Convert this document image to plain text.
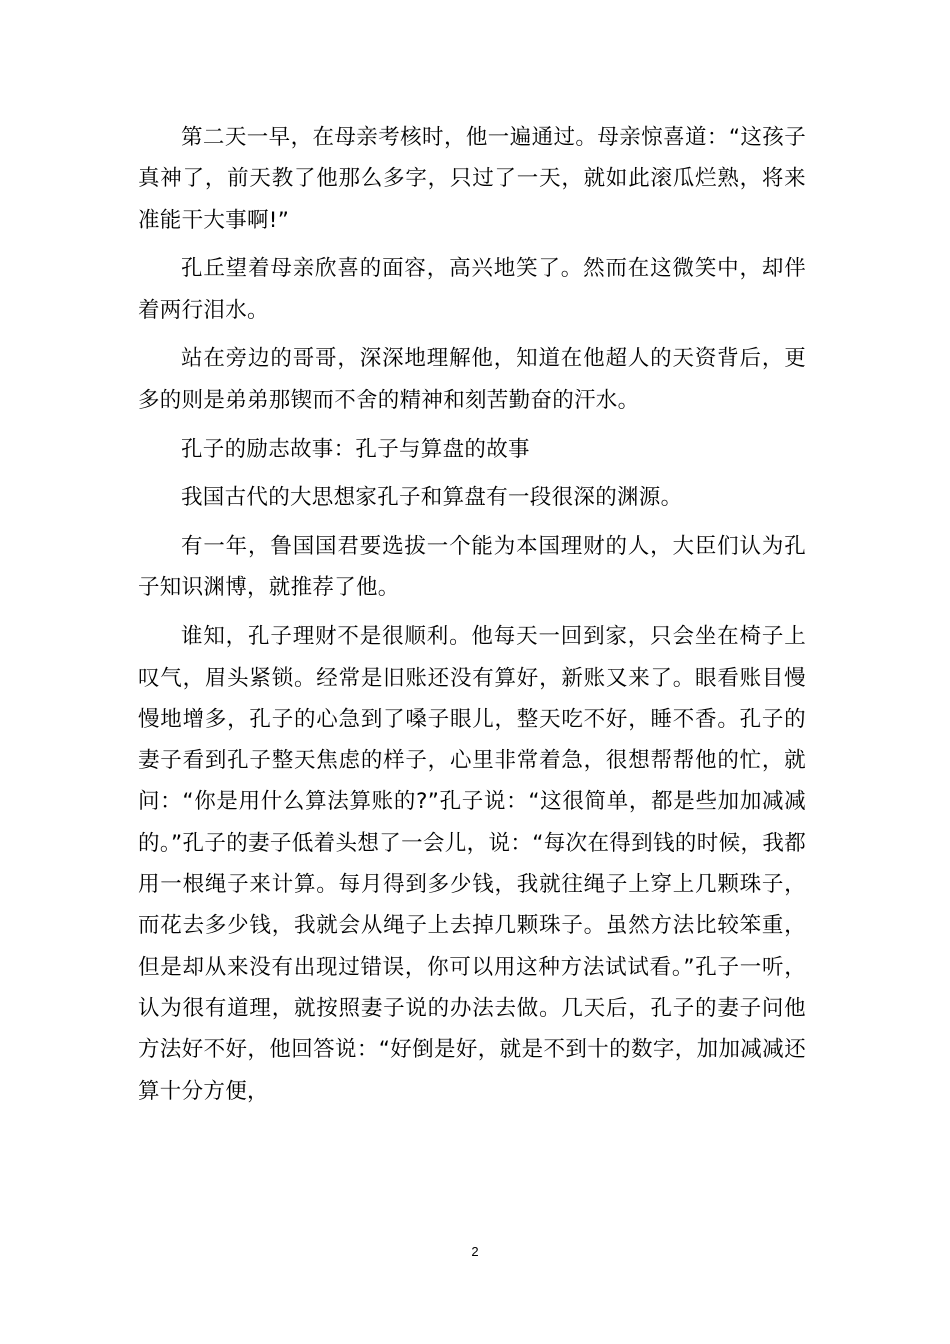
第二天一早，在母亲考核时，他一遍通过。母亲惊喜道：“这孩子真神了，前天教了他那么多字，只过了一天，就如此滚瓜烂熟，将来准能干大事啊!”

孔丘望着母亲欣喜的面容，高兴地笑了。然而在这微笑中，却伴着两行泪水。

站在旁边的哥哥，深深地理解他，知道在他超人的天资背后，更多的则是弟弟那锲而不舍的精神和刻苦勤奋的汗水。

孔子的励志故事：孔子与算盘的故事

我国古代的大思想家孔子和算盘有一段很深的渊源。

有一年，鲁国国君要选拔一个能为本国理财的人，大臣们认为孔子知识渊博，就推荐了他。

谁知，孔子理财不是很顺利。他每天一回到家，只会坐在椅子上叹气，眉头紧锁。经常是旧账还没有算好，新账又来了。眼看账目慢慢地增多，孔子的心急到了嗓子眼儿，整天吃不好，睡不香。孔子的妻子看到孔子整天焦虑的样子，心里非常着急，很想帮帮他的忙，就问：“你是用什么算法算账的?”孔子说：“这很简单，都是些加加减减的。”孔子的妻子低着头想了一会儿，说：“每次在得到钱的时候，我都用一根绳子来计算。每月得到多少钱，我就往绳子上穿上几颗珠子，而花去多少钱，我就会从绳子上去掉几颗珠子。虽然方法比较笨重，但是却从来没有出现过错误，你可以用这种方法试试看。”孔子一听，认为很有道理，就按照妻子说的办法去做。几天后，孔子的妻子问他方法好不好，他回答说：“好倒是好，就是不到十的数字，加加减减还算十分方便，

2
